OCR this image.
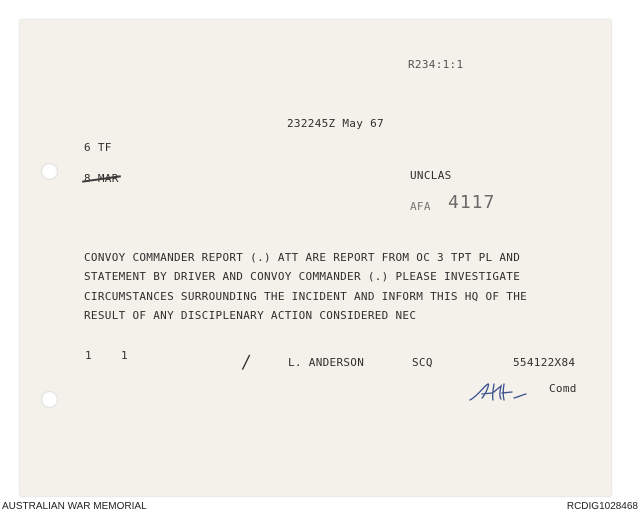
R234:1:1
232245Z May 67
6 TF
8 MAR	UNCLAS
AFA 4117
CONVOY COMMANDER REPORT (.) ATT ARE REPORT FROM OC 3 TPT PL AND
STATEMENT BY DRIVER AND CONVOY COMMANDER (.) PLEASE INVESTIGATE
CIRCUMSTANCES SURROUNDING THE INCIDENT AND INFORM THIS HQ OF THE
RESULT OF ANY DISCIPLENARY ACTION CONSIDERED NEC
1	1	/	L. ANDERSON	SCQ	554122X84
Comd
AUSTRALIAN WAR MEMORIAL	RCDIG1028468
